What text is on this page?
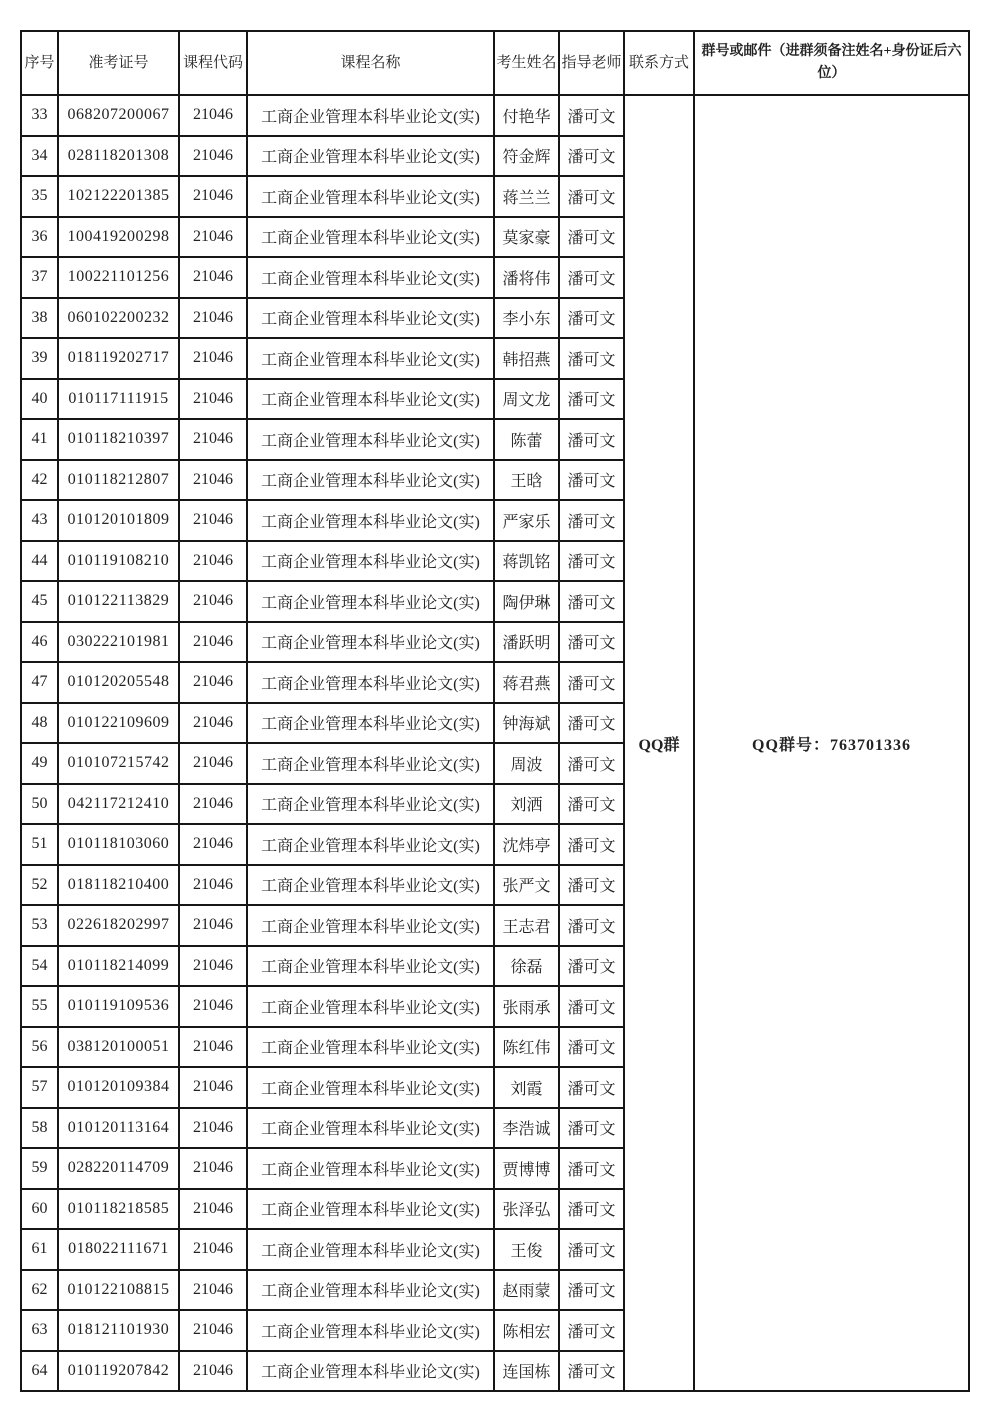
序号	准考证号	课程代码	课程名称	考生姓名	指导老师	联系方式	群号或邮件（进群须备注姓名+身份证后六位）
33	068207200067	21046	工商企业管理本科毕业论文(实)	付艳华	潘可文	QQ群	QQ群号：763701336
34	028118201308	21046	工商企业管理本科毕业论文(实)	符金辉	潘可文		
35	102122201385	21046	工商企业管理本科毕业论文(实)	蒋兰兰	潘可文		
36	100419200298	21046	工商企业管理本科毕业论文(实)	莫家豪	潘可文		
37	100221101256	21046	工商企业管理本科毕业论文(实)	潘将伟	潘可文		
38	060102200232	21046	工商企业管理本科毕业论文(实)	李小东	潘可文		
39	018119202717	21046	工商企业管理本科毕业论文(实)	韩招燕	潘可文		
40	010117111915	21046	工商企业管理本科毕业论文(实)	周文龙	潘可文		
41	010118210397	21046	工商企业管理本科毕业论文(实)	陈蕾	潘可文		
42	010118212807	21046	工商企业管理本科毕业论文(实)	王晗	潘可文		
43	010120101809	21046	工商企业管理本科毕业论文(实)	严家乐	潘可文		
44	010119108210	21046	工商企业管理本科毕业论文(实)	蒋凯铭	潘可文		
45	010122113829	21046	工商企业管理本科毕业论文(实)	陶伊琳	潘可文		
46	030222101981	21046	工商企业管理本科毕业论文(实)	潘跃明	潘可文		
47	010120205548	21046	工商企业管理本科毕业论文(实)	蒋君燕	潘可文		
48	010122109609	21046	工商企业管理本科毕业论文(实)	钟海斌	潘可文		
49	010107215742	21046	工商企业管理本科毕业论文(实)	周波	潘可文		
50	042117212410	21046	工商企业管理本科毕业论文(实)	刘洒	潘可文		
51	010118103060	21046	工商企业管理本科毕业论文(实)	沈炜亭	潘可文		
52	018118210400	21046	工商企业管理本科毕业论文(实)	张严文	潘可文		
53	022618202997	21046	工商企业管理本科毕业论文(实)	王志君	潘可文		
54	010118214099	21046	工商企业管理本科毕业论文(实)	徐磊	潘可文		
55	010119109536	21046	工商企业管理本科毕业论文(实)	张雨承	潘可文		
56	038120100051	21046	工商企业管理本科毕业论文(实)	陈红伟	潘可文		
57	010120109384	21046	工商企业管理本科毕业论文(实)	刘霞	潘可文		
58	010120113164	21046	工商企业管理本科毕业论文(实)	李浩诚	潘可文		
59	028220114709	21046	工商企业管理本科毕业论文(实)	贾博博	潘可文		
60	010118218585	21046	工商企业管理本科毕业论文(实)	张泽弘	潘可文		
61	018022111671	21046	工商企业管理本科毕业论文(实)	王俊	潘可文		
62	010122108815	21046	工商企业管理本科毕业论文(实)	赵雨蒙	潘可文		
63	018121101930	21046	工商企业管理本科毕业论文(实)	陈相宏	潘可文		
64	010119207842	21046	工商企业管理本科毕业论文(实)	连国栋	潘可文		
